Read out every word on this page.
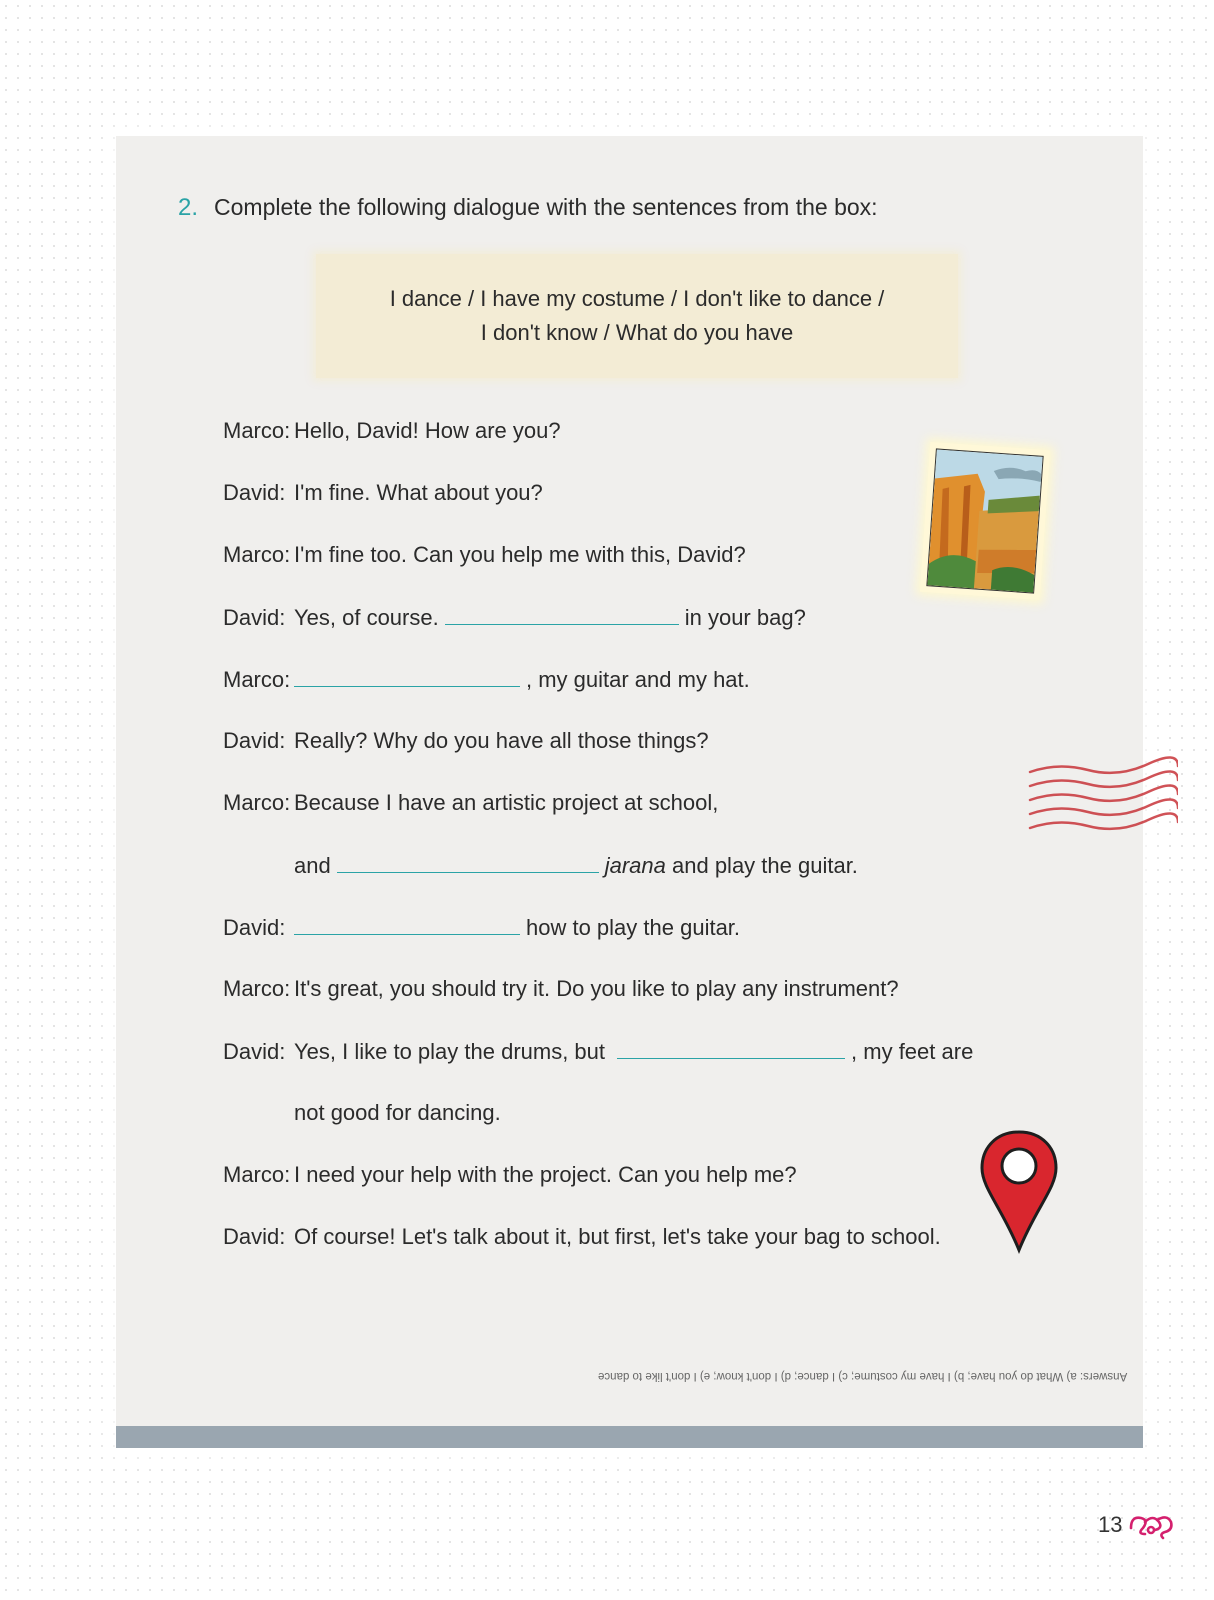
2. Complete the following dialogue with the sentences from the box:
I dance / I have my costume / I don't like to dance /
I don't know / What do you have
Marco: Hello, David! How are you?
David: I'm fine. What about you?
Marco: I'm fine too. Can you help me with this, David?
David: Yes, of course.	in your bag?
Marco:	, my guitar and my hat.
David: Really? Why do you have all those things?
Marco: Because I have an artistic project at school,
and	jarana
and play the guitar.
David:	how to play the guitar.
Marco: It's great, you should try it. Do you like to play any instrument?
David: Yes, I like to play the drums, but	, my feet are
not good for dancing.
Marco: I need your help with the project. Can you help me?
David: Of course! Let's talk about it, but first, let's take your bag to school.
Answers: a) What do you have; b) I have my costume; c) I dance; d) I don't know; e) I don't like to dance
13
